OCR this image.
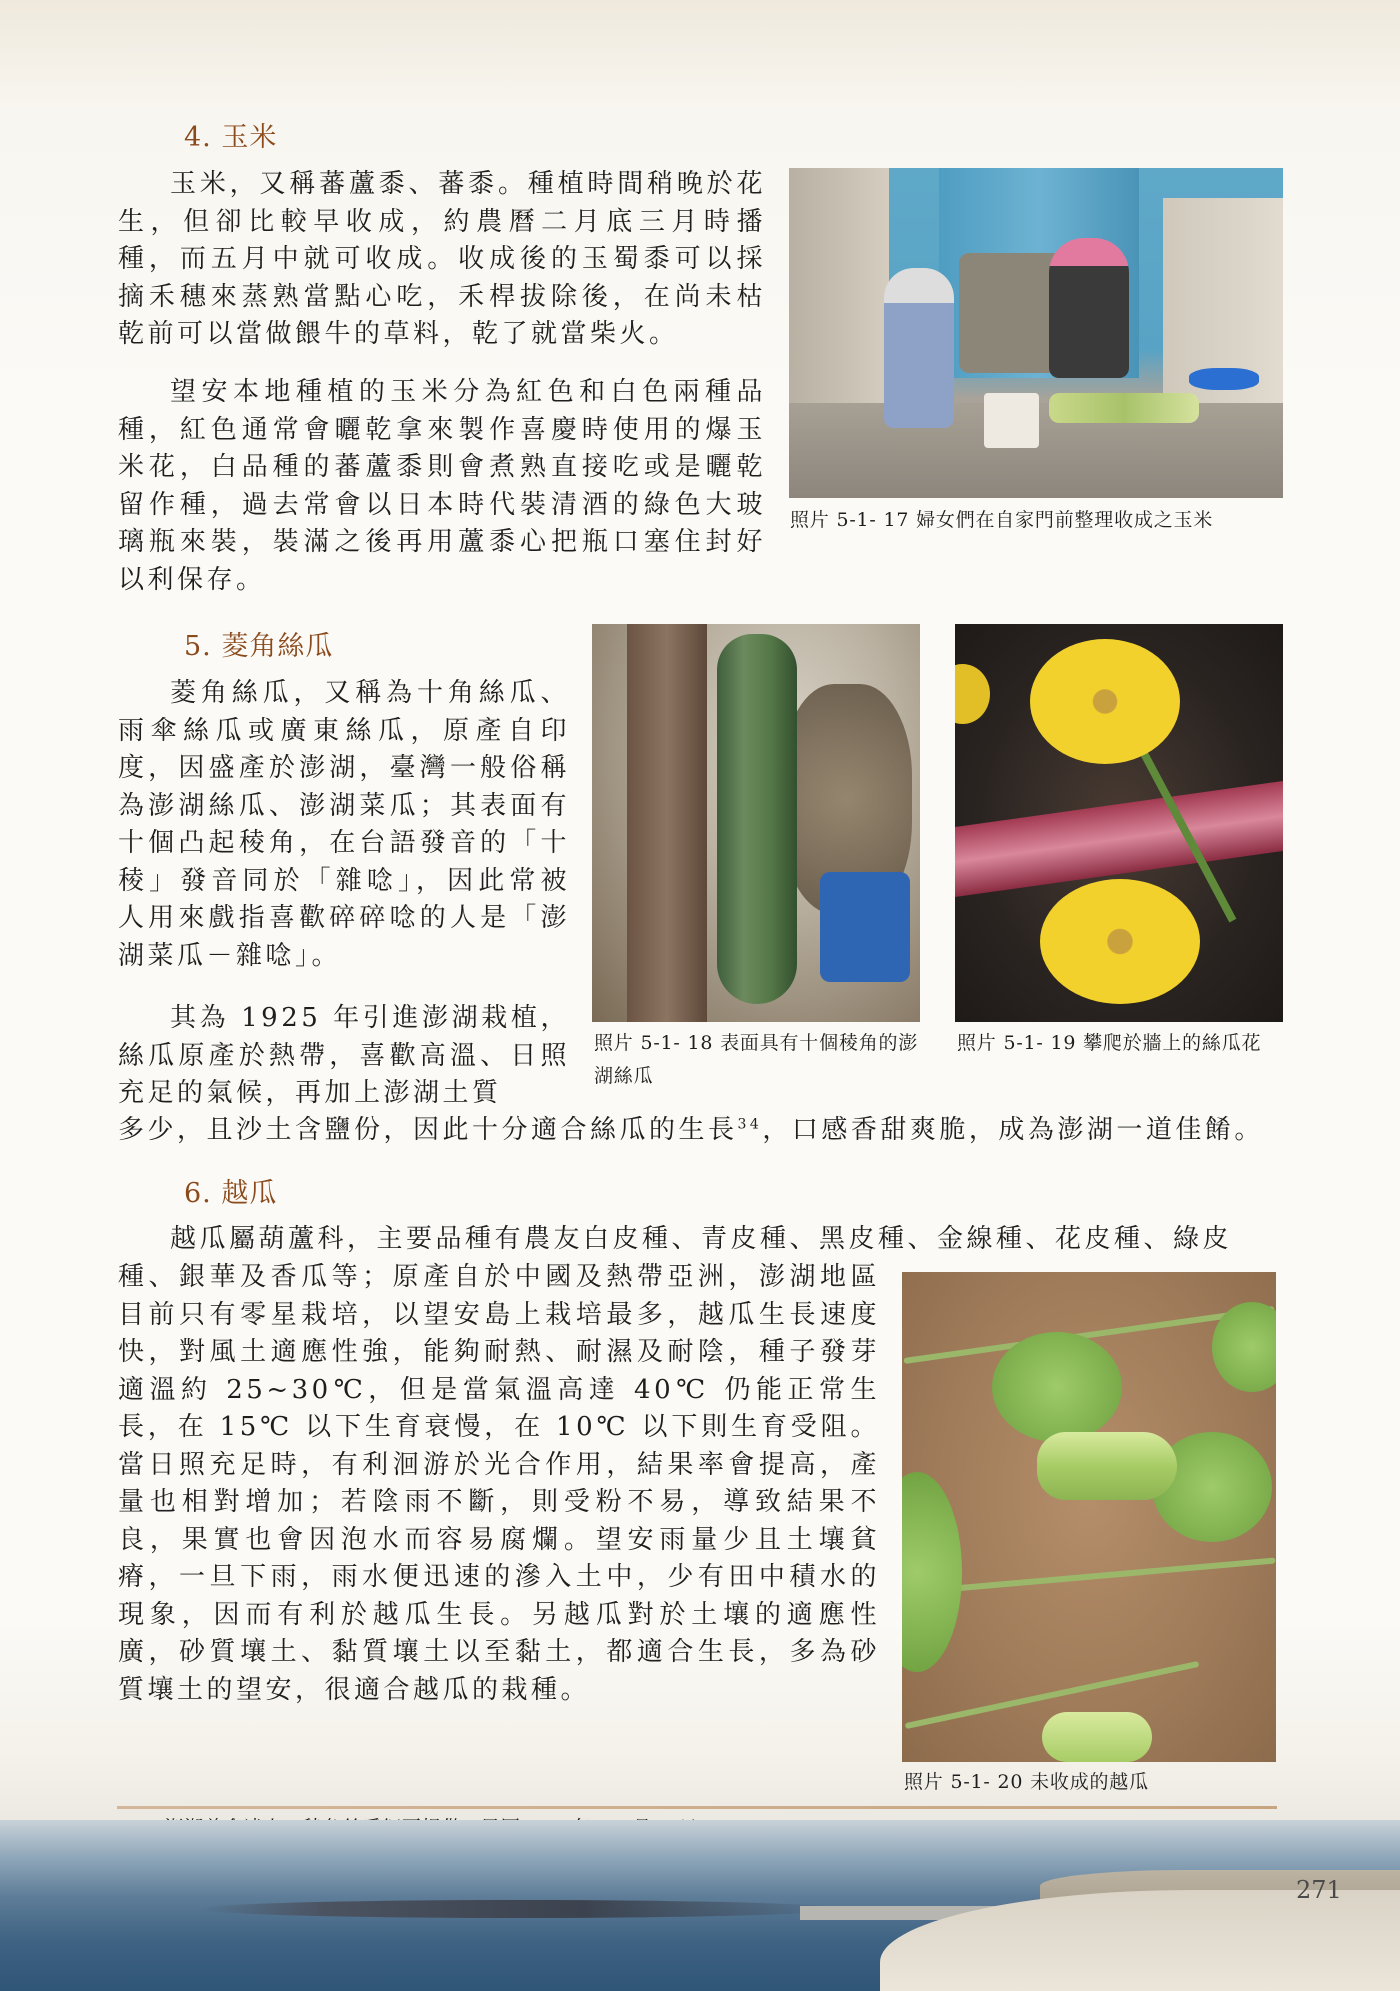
4. 玉米

玉米，又稱蕃蘆黍、蕃黍。種植時間稍晚於花生，但卻比較早收成，約農曆二月底三月時播種，而五月中就可收成。收成後的玉蜀黍可以採摘禾穗來蒸熟當點心吃，禾桿拔除後，在尚未枯乾前可以當做餵牛的草料，乾了就當柴火。

望安本地種植的玉米分為紅色和白色兩種品種，紅色通常會曬乾拿來製作喜慶時使用的爆玉米花，白品種的蕃蘆黍則會煮熟直接吃或是曬乾留作種，過去常會以日本時代裝清酒的綠色大玻璃瓶來裝，裝滿之後再用蘆黍心把瓶口塞住封好以利保存。

照片 5-1- 17 婦女們在自家門前整理收成之玉米
5. 菱角絲瓜

菱角絲瓜，又稱為十角絲瓜、雨傘絲瓜或廣東絲瓜，原產自印度，因盛產於澎湖，臺灣一般俗稱為澎湖絲瓜、澎湖菜瓜；其表面有十個凸起稜角，在台語發音的「十稜」發音同於「雜唸」，因此常被人用來戲指喜歡碎碎唸的人是「澎湖菜瓜－雜唸」。

其為 1925 年引進澎湖栽植，絲瓜原產於熱帶，喜歡高溫、日照充足的氣候，再加上澎湖土質

多少，且沙土含鹽份，因此十分適合絲瓜的生長$^{34}$，口感香甜爽脆，成為澎湖一道佳餚。

照片 5-1- 18 表面具有十個稜角的澎湖絲瓜
照片 5-1- 19 攀爬於牆上的絲瓜花
6. 越瓜

越瓜屬葫蘆科，主要品種有農友白皮種、青皮種、黑皮種、金線種、花皮種、綠皮

種、銀華及香瓜等；原產自於中國及熱帶亞洲，澎湖地區目前只有零星栽培，以望安島上栽培最多，越瓜生長速度快，對風土適應性強，能夠耐熱、耐濕及耐陰，種子發芽適溫約 25~30℃，但是當氣溫高達 40℃ 仍能正常生長，在 15℃ 以下生育衰慢，在 10℃ 以下則生育受阻。當日照充足時，有利洄游於光合作用，結果率會提高，產量也相對增加；若陰雨不斷，則受粉不易，導致結果不良，果實也會因泡水而容易腐爛。望安雨量少且土壤貧瘠，一旦下雨，雨水便迅速的滲入土中，少有田中積水的現象，因而有利於越瓜生長。另越瓜對於土壤的適應性廣，砂質壤土、黏質壤土以至黏土，都適合生長，多為砂質壤土的望安，很適合越瓜的栽種。

照片 5-1- 20 未收成的越瓜

271
